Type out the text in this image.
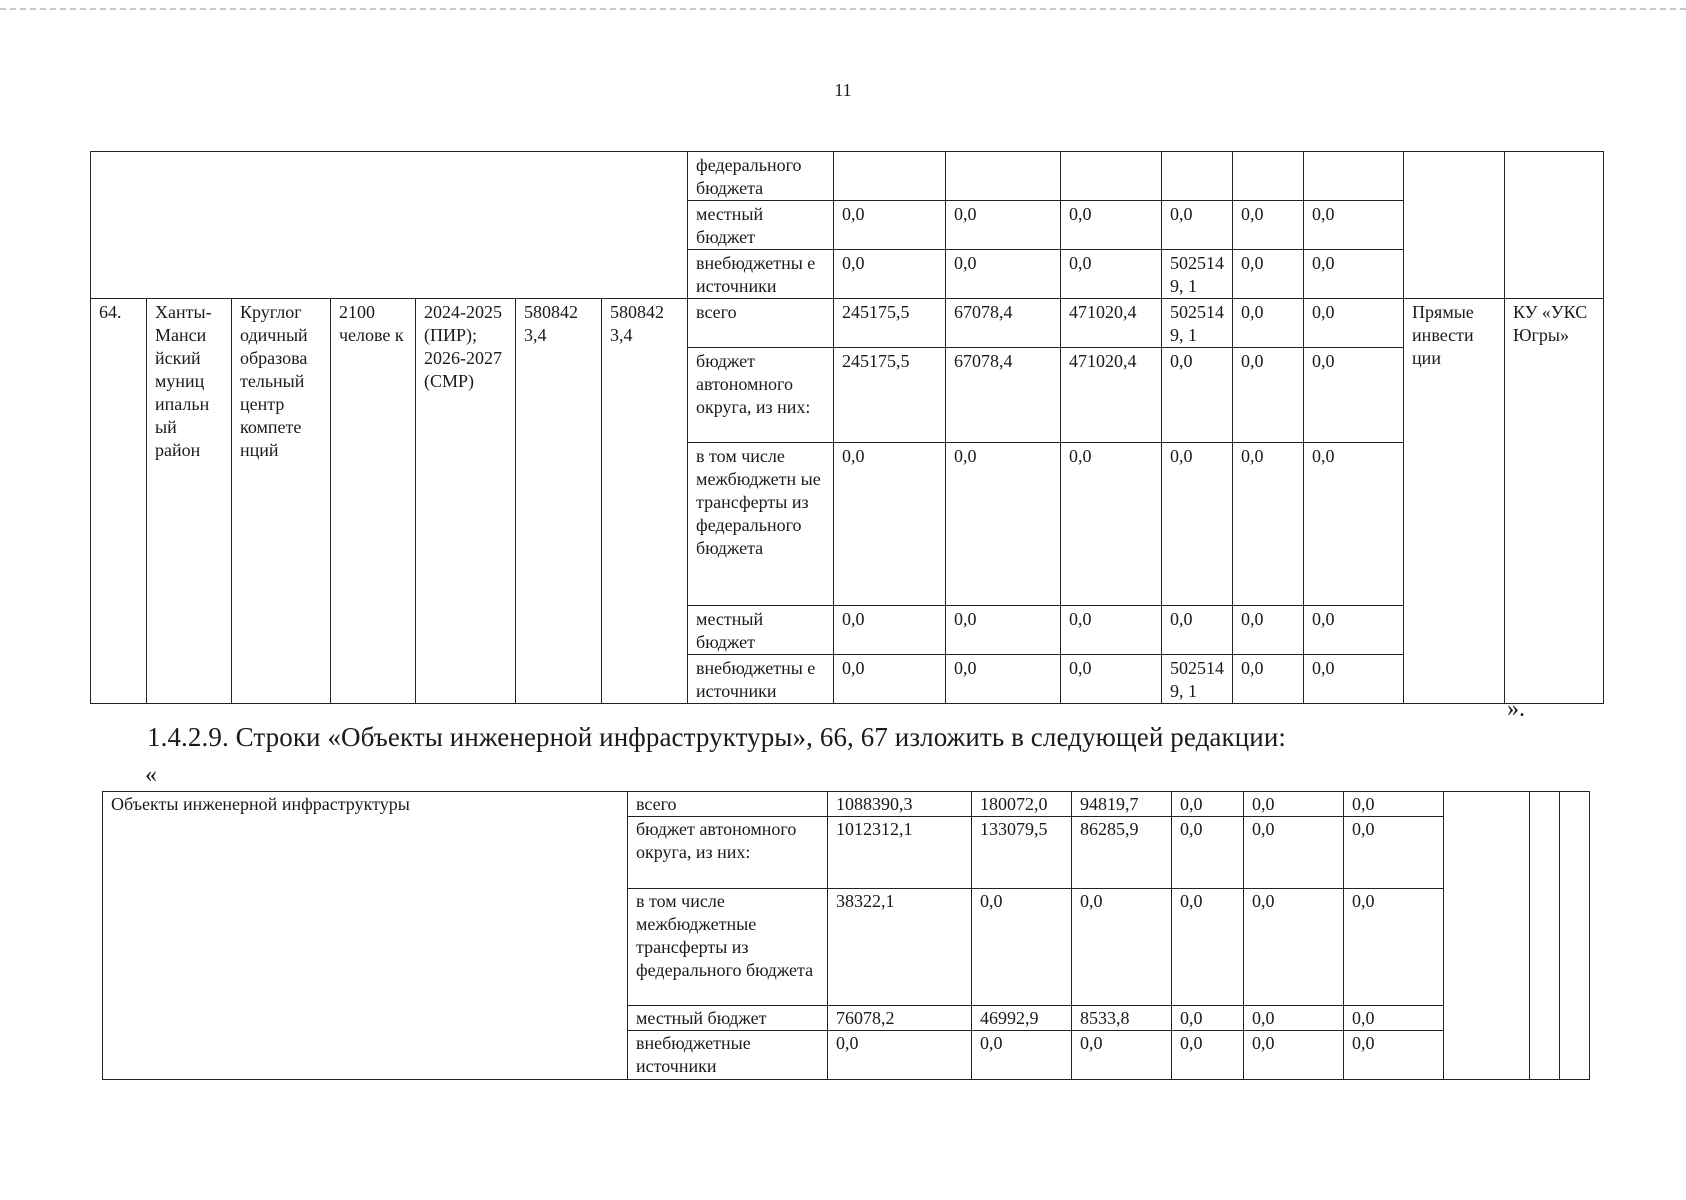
11
							федерального бюджета								
							местный бюджет	0,0	0,0	0,0	0,0	0,0	0,0		
							внебюджетны е источники	0,0	0,0	0,0	5025149, 1	0,0	0,0		
64.	Ханты-Манси йский муниц ипальн ый район	Круглог одичный образова тельный центр компете нций	2100 челове к	2024-2025 (ПИР); 2026-2027 (СМР)	580842 3,4	580842 3,4	всего	245175,5	67078,4	471020,4	5025149, 1	0,0	0,0	Прямые инвести ции	КУ «УКС Югры»
							бюджет автономного округа, из них:	245175,5	67078,4	471020,4	0,0	0,0	0,0		
							в том числе межбюджетн ые трансферты из федерального бюджета	0,0	0,0	0,0	0,0	0,0	0,0		
							местный бюджет	0,0	0,0	0,0	0,0	0,0	0,0		
							внебюджетны е источники	0,0	0,0	0,0	5025149, 1	0,0	0,0		
».
1.4.2.9. Строки «Объекты инженерной инфраструктуры», 66, 67 изложить в следующей редакции:
«
Объекты инженерной инфраструктуры	всего	1088390,3	180072,0	94819,7	0,0	0,0	0,0			
	бюджет автономного округа, из них:	1012312,1	133079,5	86285,9	0,0	0,0	0,0			
	в том числе межбюджетные трансферты из федерального бюджета	38322,1	0,0	0,0	0,0	0,0	0,0			
	местный бюджет	76078,2	46992,9	8533,8	0,0	0,0	0,0			
	внебюджетные источники	0,0	0,0	0,0	0,0	0,0	0,0			
